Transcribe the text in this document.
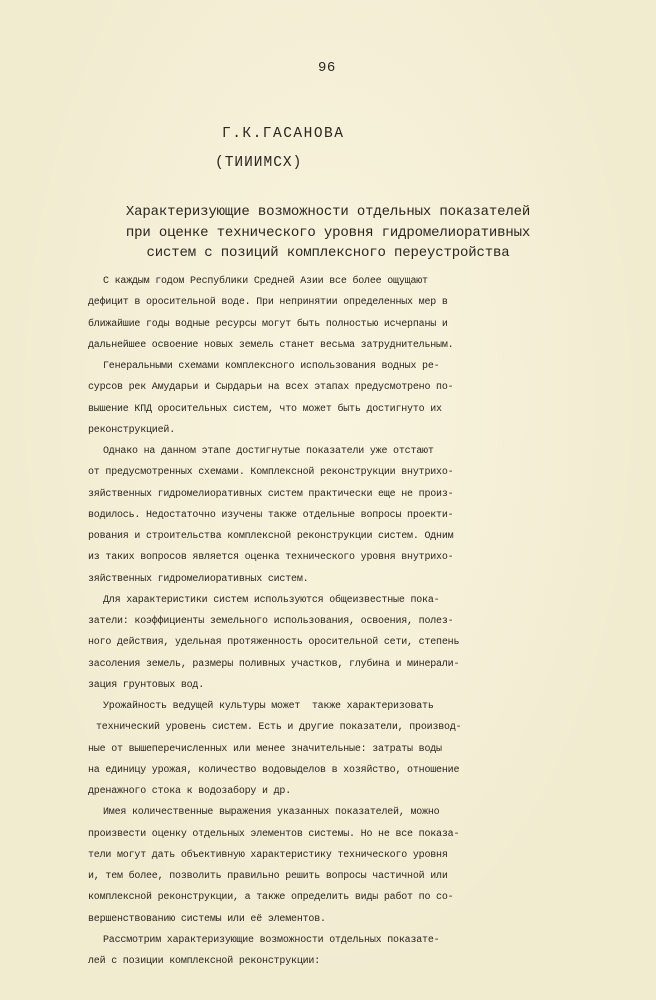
96
Г.К.ГАСАНОВА
(ТИИИМСХ)
Характеризующие возможности отдельных показателей
при оценке технического уровня гидромелиоративных
систем с позиций комплексного переустройства
С каждым годом Республики Средней Азии все более ощущают
дефицит в оросительной воде. При непринятии определенных мер в
ближайшие годы водные ресурсы могут быть полностью исчерпаны и
дальнейшее освоение новых земель станет весьма затруднительным.
Генеральными схемами комплексного использования водных ре-
сурсов рек Амударьи и Сырдарьи на всех этапах предусмотрено по-
вышение КПД оросительных систем, что может быть достигнуто их
реконструкцией.
Однако на данном этапе достигнутые показатели уже отстают
от предусмотренных схемами. Комплексной реконструкции внутрихо-
зяйственных гидромелиоративных систем практически еще не произ-
водилось. Недостаточно изучены также отдельные вопросы проекти-
рования и строительства комплексной реконструкции систем. Одним
из таких вопросов является оценка технического уровня внутрихо-
зяйственных гидромелиоративных систем.
Для характеристики систем используются общеизвестные пока-
затели: коэффициенты земельного использования, освоения, полез-
ного действия, удельная протяженность оросительной сети, степень
засоления земель, размеры поливных участков, глубина и минерали-
зация грунтовых вод.
Урожайность ведущей культуры может  также характеризовать
технический уровень систем. Есть и другие показатели, производ-
ные от вышеперечисленных или менее значительные: затраты воды
на единицу урожая, количество водовыделов в хозяйство, отношение
дренажного стока к водозабору и др.
Имея количественные выражения указанных показателей, можно
произвести оценку отдельных элементов системы. Но не все показа-
тели могут дать объективную характеристику технического уровня
и, тем более, позволить правильно решить вопросы частичной или
комплексной реконструкции, а также определить виды работ по со-
вершенствованию системы или её элементов.
Рассмотрим характеризующие возможности отдельных показате-
лей с позиции комплексной реконструкции:
